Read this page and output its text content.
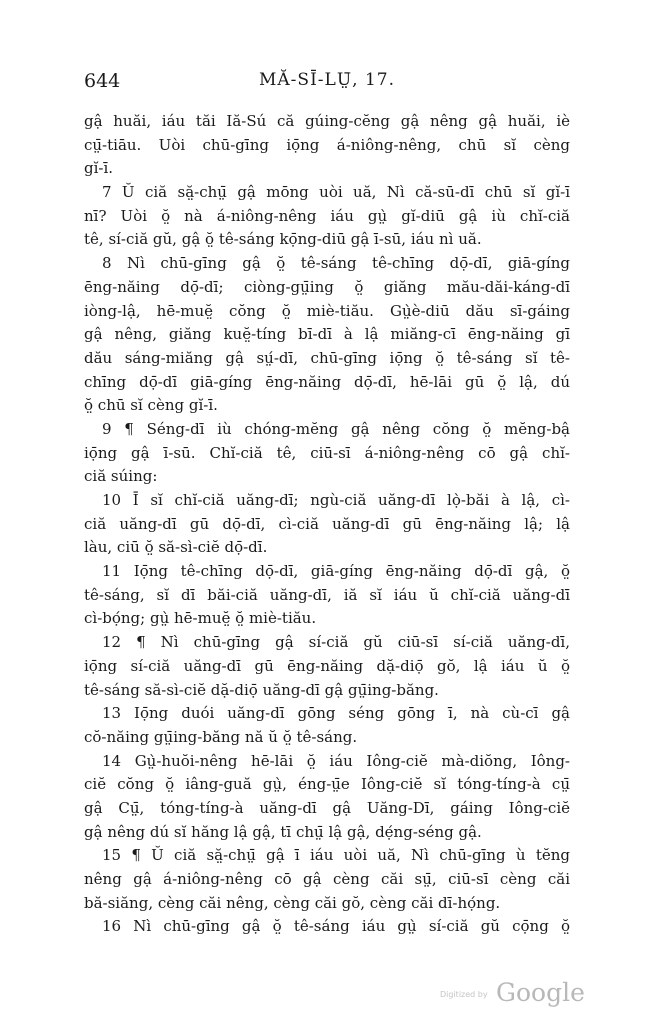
644	MĂ-SĪ-LṲ̄, 17.
gậ huăi, iáu tăi Iă-Sú că gúing-cĕng gậ nêng gậ huăi, iè
cṳ̄-tiāu. Uòi chū-gīng iọ̄ng á-niông-nêng, chū sĭ cèng
gĭ-ī.
7 Ŭ ciă să̤-chṳ̄ gậ mōng uòi uă, Nì că-sū-dī chū sĭ gĭ-ī
nī? Uòi ŏ̤ nà á-niông-nêng iáu gṳ̀ gĭ-diū gậ iù chĭ-ciă
tê, sí-ciă gŭ, gậ ŏ̤ tê-sáng kọ̄ng-diū gậ ī-sū, iáu nì uă.
8 Nì chū-gīng gậ ŏ̤ tê-sáng tê-chīng dọ̄-dī, giā-gíng
ēng-năing dọ̄-dī; ciòng-gṳ̄ing ŏ̤ giăng mău-dăi-káng-dī
iòng-lậ, hē-muĕ̤ cŏng ŏ̤ miè-tiău. Gṳ̀è-diū dău sī-gáing
gậ nêng, giăng kuĕ̤-tíng bī-dī à lậ miăng-cī ēng-năing gī
dău sáng-miăng gậ sṳ́-dī, chū-gīng iọ̄ng ŏ̤ tê-sáng sĭ tê-
chīng dọ̄-dī giā-gíng ēng-năing dọ̄-dī, hē-lāi gū ŏ̤ lậ, dú
ŏ̤ chū sĭ cèng gĭ-ī.
9 ¶ Séng-dī iù chóng-mĕng gậ nêng cŏng ŏ̤ mĕng-bậ
iọ̄ng gậ ī-sū. Chĭ-ciă tê, ciū-sī á-niông-nêng cō gậ chĭ-
ciă súing:
10 Ī sĭ chĭ-ciă uăng-dī; ngù-ciă uăng-dī lọ̀-băi à lậ, cì-
ciă uăng-dī gū dọ̄-dī, cì-ciă uăng-dī gū ēng-năing lậ; lậ
làu, ciū ŏ̤ să-sì-ciĕ dọ̄-dī.
11 Iọ̄ng tê-chīng dọ̄-dī, giā-gíng ēng-năing dọ̄-dī gậ, ŏ̤
tê-sáng, sĭ dī băi-ciă uăng-dī, iă sĭ iáu ŭ chĭ-ciă uăng-dī
cì-bọ́ng; gṳ̀ hē-muĕ̤ ŏ̤ miè-tiău.
12 ¶ Nì chū-gīng gậ sí-ciă gŭ ciū-sī sí-ciă uăng-dī,
iọ̄ng sí-ciă uăng-dī gū ēng-năing dặ-diọ̄ gŏ, lậ iáu ŭ ŏ̤
tê-sáng să-sì-ciĕ dặ-diọ̄ uăng-dī gậ gṳ̄ing-băng.
13 Iọ̄ng duói uăng-dī gōng séng gōng ī, nà cù-cī gậ
cŏ-năing gṳ̄ing-băng nă ŭ ŏ̤ tê-sáng.
14 Gṳ̀-huŏi-nêng hē-lāi ŏ̤ iáu Iông-ciĕ mà-diŏng, Iông-
ciĕ cŏng ŏ̤ iâng-guă gṳ̀, éng-ṳ̄e Iông-ciĕ sĭ tóng-tíng-à cṳ̄
gậ Cṳ̄, tóng-tíng-à uăng-dī gậ Uăng-Dī, gáing Iông-ciĕ
gậ nêng dú sĭ hăng lậ gậ, tī chṳ̄ lậ gậ, dẹ́ng-séng gậ.
15 ¶ Ŭ ciă să̤-chṳ̄ gậ ī iáu uòi uă, Nì chū-gīng ù tĕng
nêng gậ á-niông-nêng cō gậ cèng căi sṳ̄, ciū-sī cèng căi
bă-siăng, cèng căi nêng, cèng căi gŏ, cèng căi dī-họ́ng.
16 Nì chū-gīng gậ ŏ̤ tê-sáng iáu gṳ̀ sí-ciă gŭ cọ̄ng ŏ̤
Digitized by Google
